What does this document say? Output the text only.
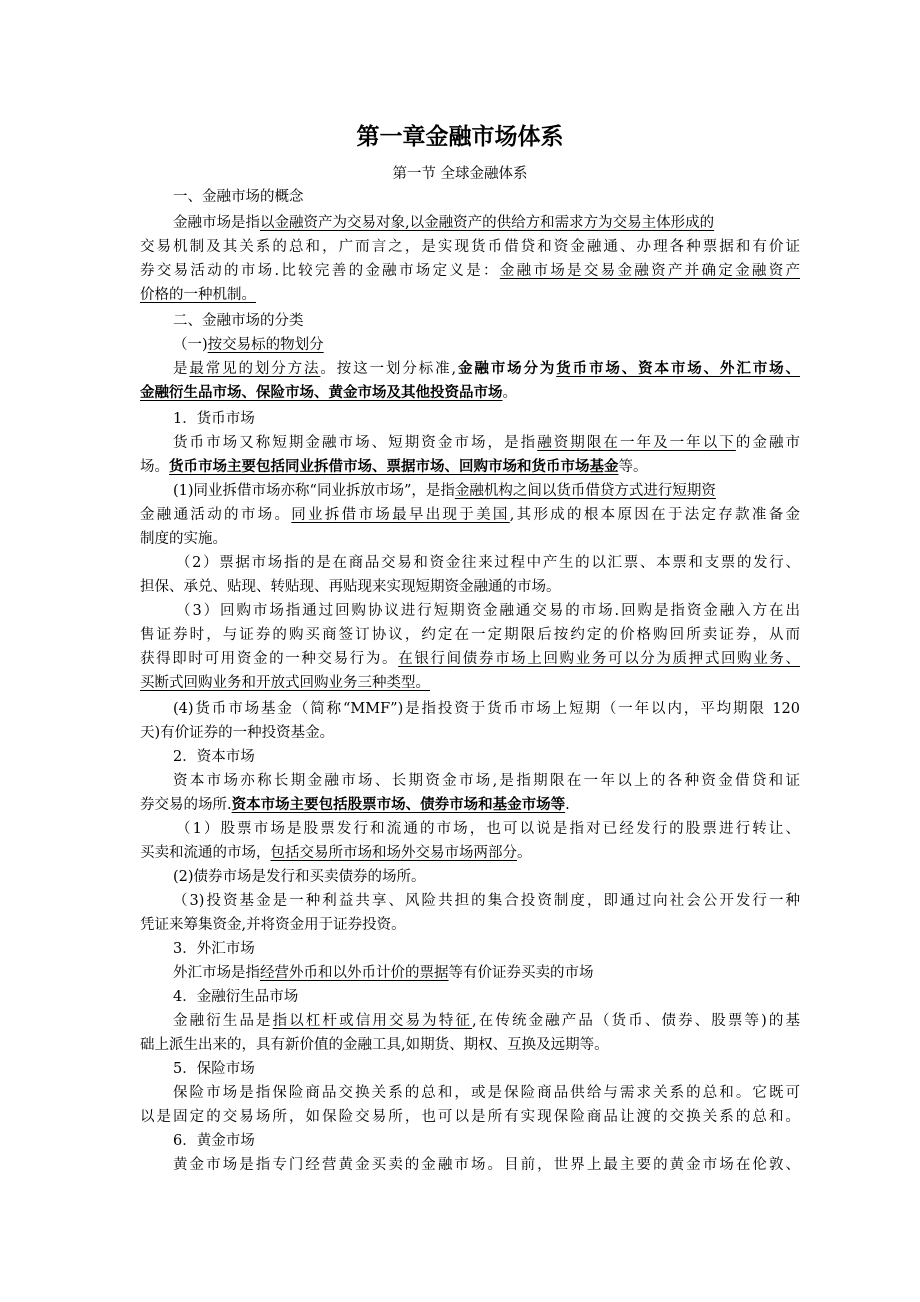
第一章金融市场体系
第一节 全球金融体系
一、金融市场的概念
金融市场是指以金融资产为交易对象,以金融资产的供给方和需求方为交易主体形成的
交易机制及其关系的总和，广而言之，是实现货币借贷和资金融通、办理各种票据和有价证
券交易活动的市场.比较完善的金融市场定义是：金融市场是交易金融资产并确定金融资产
价格的一种机制。
二、金融市场的分类
（一)按交易标的物划分
是最常见的划分方法。按这一划分标准,金融市场分为货币市场、资本市场、外汇市场、
金融衍生品市场、保险市场、黄金市场及其他投资品市场。
1．货币市场
货币市场又称短期金融市场、短期资金市场，是指融资期限在一年及一年以下的金融市
场。货币市场主要包括同业拆借市场、票据市场、回购市场和货币市场基金等。
(1)同业拆借市场亦称“同业拆放市场”，是指金融机构之间以货币借贷方式进行短期资
金融通活动的市场。同业拆借市场最早出现于美国,其形成的根本原因在于法定存款准备金
制度的实施。
（2）票据市场指的是在商品交易和资金往来过程中产生的以汇票、本票和支票的发行、
担保、承兑、贴现、转贴现、再贴现来实现短期资金融通的市场。
（3）回购市场指通过回购协议进行短期资金融通交易的市场.回购是指资金融入方在出
售证券时，与证券的购买商签订协议，约定在一定期限后按约定的价格购回所卖证券，从而
获得即时可用资金的一种交易行为。在银行间债券市场上回购业务可以分为质押式回购业务、
买断式回购业务和开放式回购业务三种类型。
(4)货币市场基金（简称“MMF”)是指投资于货币市场上短期（一年以内，平均期限 120
天)有价证券的一种投资基金。
2．资本市场
资本市场亦称长期金融市场、长期资金市场,是指期限在一年以上的各种资金借贷和证
券交易的场所.资本市场主要包括股票市场、债券市场和基金市场等.
（1）股票市场是股票发行和流通的市场，也可以说是指对已经发行的股票进行转让、
买卖和流通的市场，包括交易所市场和场外交易市场两部分。
(2)债券市场是发行和买卖债券的场所。
（3)投资基金是一种利益共享、风险共担的集合投资制度，即通过向社会公开发行一种
凭证来筹集资金,并将资金用于证券投资。
3．外汇市场
外汇市场是指经营外币和以外币计价的票据等有价证券买卖的市场
4．金融衍生品市场
金融衍生品是指以杠杆或信用交易为特征,在传统金融产品（货币、债券、股票等)的基
础上派生出来的，具有新价值的金融工具,如期货、期权、互换及远期等。
5．保险市场
保险市场是指保险商品交换关系的总和，或是保险商品供给与需求关系的总和。它既可
以是固定的交易场所，如保险交易所，也可以是所有实现保险商品让渡的交换关系的总和。
6．黄金市场
黄金市场是指专门经营黄金买卖的金融市场。目前，世界上最主要的黄金市场在伦敦、
